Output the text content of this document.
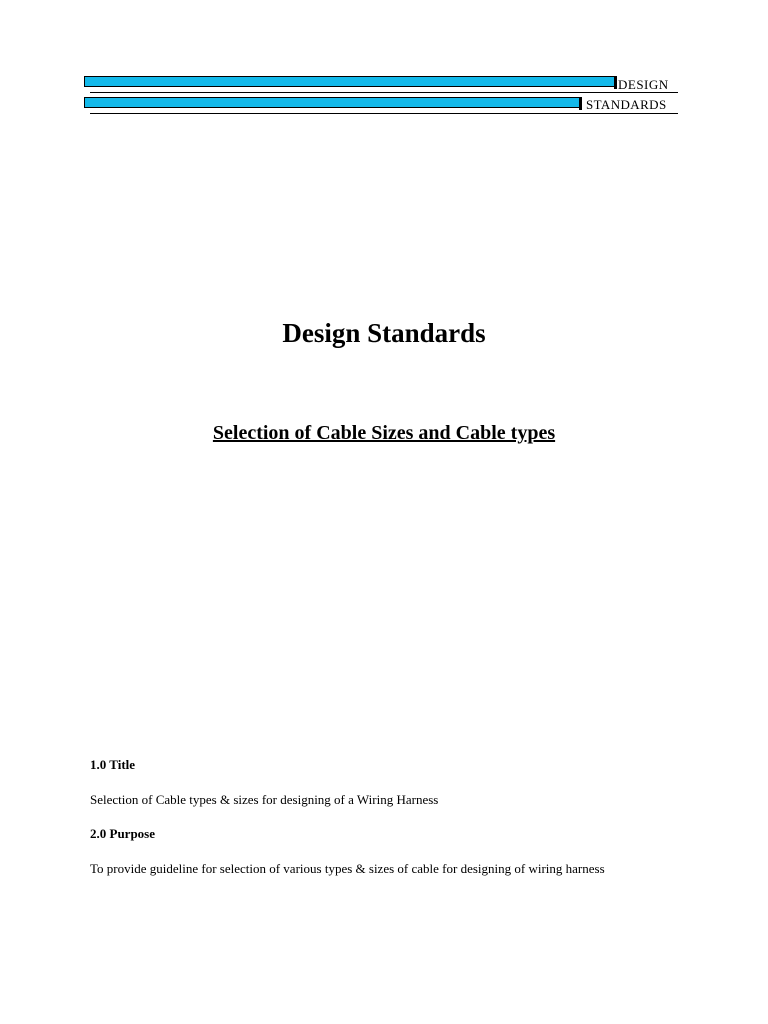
DESIGN
STANDARDS
Design Standards
Selection of Cable Sizes and Cable types
1.0 Title
Selection of Cable types & sizes for designing of a Wiring Harness
2.0 Purpose
To provide guideline for selection of various types & sizes of cable for designing of wiring harness
